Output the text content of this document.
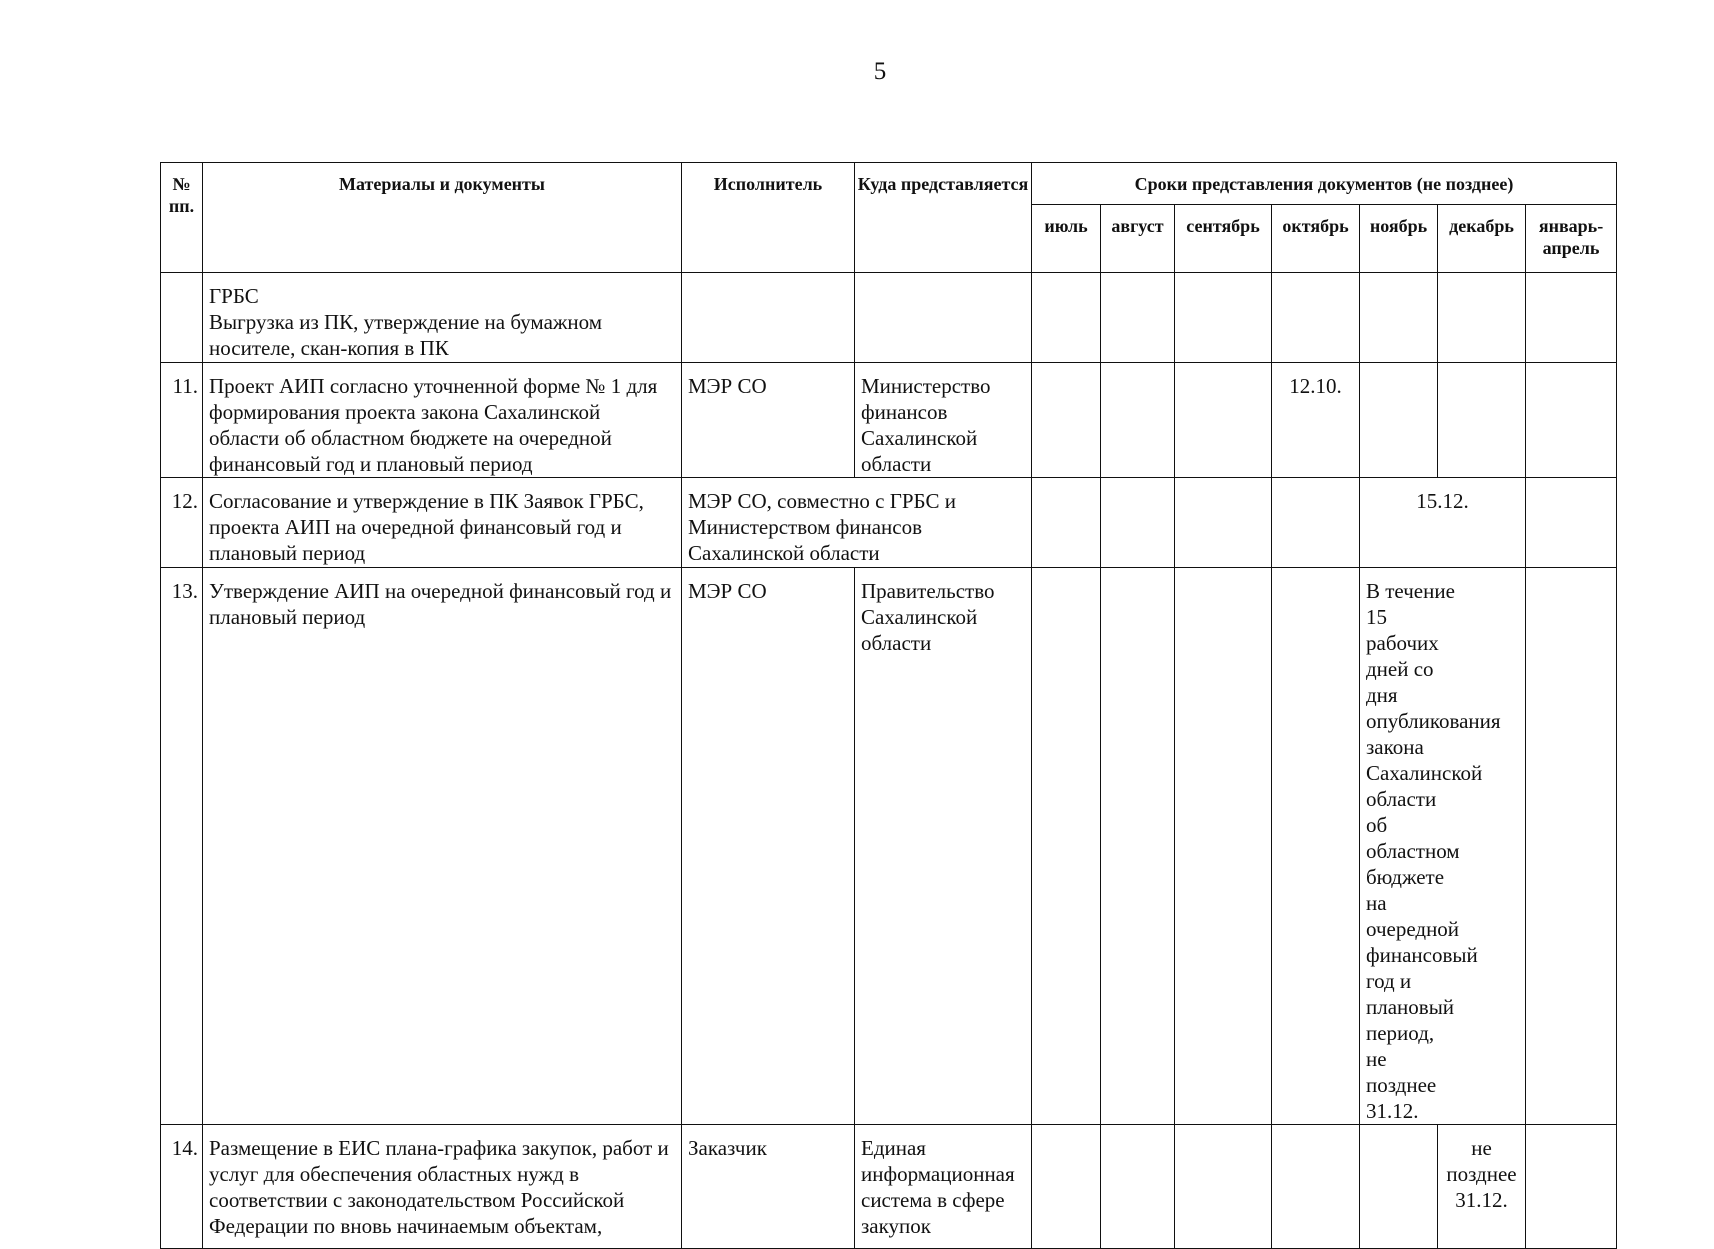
5
№ пп.	Материалы и документы	Исполнитель	Куда представляется	Сроки представления документов (не позднее)						
				июль	август	сентябрь	октябрь	ноябрь	декабрь	январь-апрель
	ГРБС
Выгрузка из ПК, утверждение на бумажном носителе, скан-копия в ПК									
11.	Проект АИП согласно уточненной форме № 1 для формирования проекта закона Сахалинской области об областном бюджете на очередной финансовый год и плановый период	МЭР СО	Министерство финансов Сахалинской области				12.10.			
12.	Согласование и утверждение в ПК Заявок ГРБС, проекта АИП на очередной финансовый год и плановый период	МЭР СО, совместно с ГРБС и Министерством финансов Сахалинской области						15.12.		
13.	Утверждение АИП на очередной финансовый год и плановый период	МЭР СО	Правительство Сахалинской области					В течение 15 рабочих дней со дня опубликования закона Сахалинской области об областном бюджете на очередной финансовый год и плановый период, не позднее 31.12.		
14.	Размещение в ЕИС плана-графика закупок, работ и услуг для обеспечения областных нужд в соответствии с законодательством Российской Федерации по вновь начинаемым объектам,	Заказчик	Единая информационная система в сфере закупок						не позднее 31.12.	
